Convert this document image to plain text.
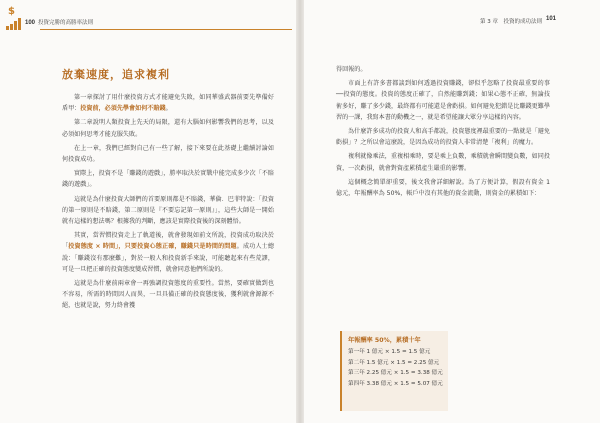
$
100 投資完勝的高勝率法則	第 3 章　投資的成功法則 101
放棄速度，追求複利

第一章探討了用什麼投資方式才能避免失敗，如同華盛武器前要先準備好盾甲：投資前，必須先學會如何不賠錢。

第二章說明人類投資上先天的局限，還有大腦如何影響我們的思考，以及必須如何思考才能克服失敗。

在上一章，我們已經對自己有一些了解，接下來要在此基礎上繼續討論如何投資成功。

實際上，投資不是「賺錢的遊戲」，勝率取決於實戰中能完成多少次「不賠錢的遊戲」。

這就是為什麼投資大師們的首要原則都是不賠錢，華倫．巴菲特說：「投資的第一原則是不賠錢，第二原則是『不要忘記第一原則』」，這些大師是一開始就有這樣的想法嗎？根據我的判斷，應該是實際投資後的深刻體悟。

其實，當習慣投資走上了軌道後，就會發現如前文所說，投資成功取決於「投資態度 × 時間」，只要投資心態正確，賺錢只是時間的問題。成功人士總說：「賺錢沒有那麼難」，對於一般人和投資新手來說，可能聽起來有些荒謬，可是一旦把正確的投資態度變成習慣，就會同意他們所說的。

這就是為什麼前兩章會一再強調投資態度的重要性。當然，要確實做到也不容易，所需的時間因人而異，一旦具備正確的投資態度後，獲利就會源源不絕，也就是說，努力終會獲

得回報的。

市面上有許多書都談到如何透過投資賺錢，卻似乎忽略了投資最重要的事──投資的態度。投資的態度正確了，自然能賺到錢；如果心態不正確，無論技術多好，賺了多少錢，最終都有可能還是會虧損。如何避免犯錯是比賺錢更難學習的一課，我寫本書的動機之一，就是希望能讓大眾分享這樣的內容。

為什麼許多成功的投資人和高手都說，投資態度裡最重要的一點就是「避免虧損」？之所以會這麼說，是因為成功的投資人非常清楚「複利」的魔力。

複利就像乘法，重複相乘時，要是乘上負數，乘積就會瞬間變負數，如同投資，一次虧損，就會對資產累積產生嚴重的影響。

這個概念簡單卻重要，後文我會詳細解說。為了方便計算，假設有資金 1 億元，年報酬率為 50%，帳戶中沒有其他的資金流動，則資金的累積如下：

年報酬率 50%，累積十年
第一年 1 億元 × 1.5 = 1.5 億元
第二年 1.5 億元 × 1.5 = 2.25 億元
第三年 2.25 億元 × 1.5 = 3.38 億元
第四年 3.38 億元 × 1.5 = 5.07 億元
